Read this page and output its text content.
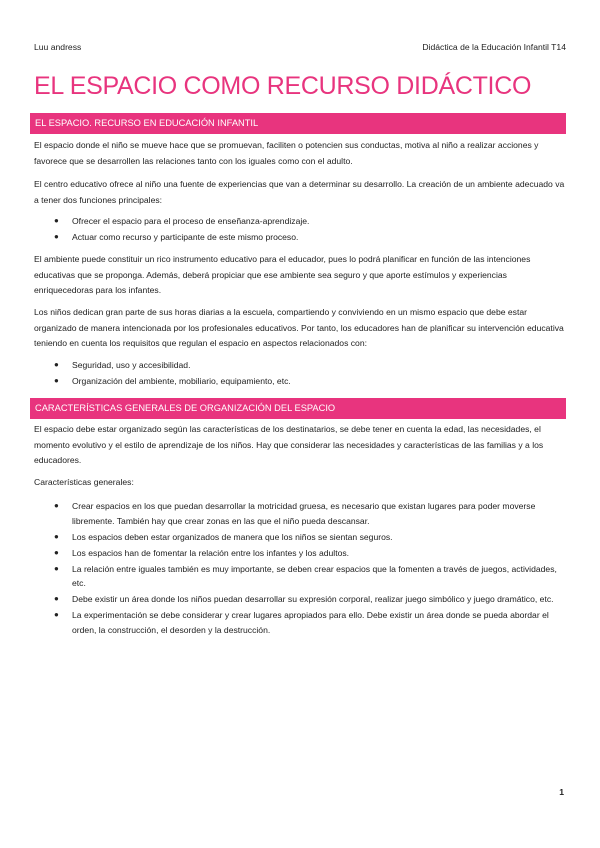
Luu andress	Didáctica de la Educación Infantil T14
EL ESPACIO COMO RECURSO DIDÁCTICO
EL ESPACIO. RECURSO EN EDUCACIÓN INFANTIL

El espacio donde el niño se mueve hace que se promuevan, faciliten o potencien sus conductas, motiva al niño a realizar acciones y favorece que se desarrollen las relaciones tanto con los iguales como con el adulto.

El centro educativo ofrece al niño una fuente de experiencias que van a determinar su desarrollo. La creación de un ambiente adecuado va a tener dos funciones principales:

● Ofrecer el espacio para el proceso de enseñanza-aprendizaje.
● Actuar como recurso y participante de este mismo proceso.

El ambiente puede constituir un rico instrumento educativo para el educador, pues lo podrá planificar en función de las intenciones educativas que se proponga. Además, deberá propiciar que ese ambiente sea seguro y que aporte estímulos y experiencias enriquecedoras para los infantes.

Los niños dedican gran parte de sus horas diarias a la escuela, compartiendo y conviviendo en un mismo espacio que debe estar organizado de manera intencionada por los profesionales educativos. Por tanto, los educadores han de planificar su intervención educativa teniendo en cuenta los requisitos que regulan el espacio en aspectos relacionados con:

● Seguridad, uso y accesibilidad.
● Organización del ambiente, mobiliario, equipamiento, etc.
CARACTERÍSTICAS GENERALES DE ORGANIZACIÓN DEL ESPACIO

El espacio debe estar organizado según las características de los destinatarios, se debe tener en cuenta la edad, las necesidades, el momento evolutivo y el estilo de aprendizaje de los niños. Hay que considerar las necesidades y características de las familias y a los educadores.

Características generales:

● Crear espacios en los que puedan desarrollar la motricidad gruesa, es necesario que existan lugares para poder moverse libremente. También hay que crear zonas en las que el niño pueda descansar.
● Los espacios deben estar organizados de manera que los niños se sientan seguros.
● Los espacios han de fomentar la relación entre los infantes y los adultos.
● La relación entre iguales también es muy importante, se deben crear espacios que la fomenten a través de juegos, actividades, etc.
● Debe existir un área donde los niños puedan desarrollar su expresión corporal, realizar juego simbólico y juego dramático, etc.
● La experimentación se debe considerar y crear lugares apropiados para ello. Debe existir un área donde se pueda abordar el orden, la construcción, el desorden y la destrucción.
1
